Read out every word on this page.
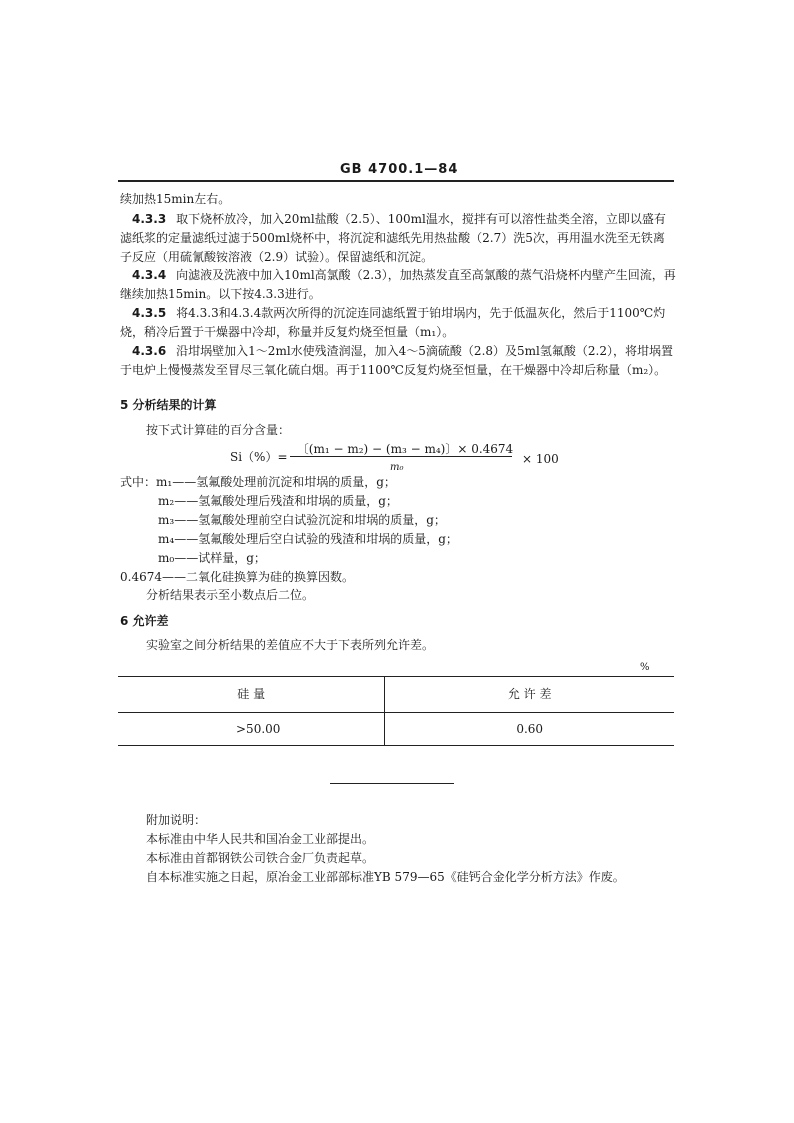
GB 4700.1—84
续加热15min左右。
4.3.3 取下烧杯放冷，加入20ml盐酸（2.5）、100ml温水，搅拌有可以溶性盐类全溶，立即以盛有滤纸浆的定量滤纸过滤于500ml烧杯中，将沉淀和滤纸先用热盐酸（2.7）洗5次，再用温水洗至无铁离子反应（用硫氰酸铵溶液（2.9）试验）。保留滤纸和沉淀。
4.3.4 向滤液及洗液中加入10ml高氯酸（2.3），加热蒸发直至高氯酸的蒸气沿烧杯内壁产生回流，再继续加热15min。以下按4.3.3进行。
4.3.5 将4.3.3和4.3.4款两次所得的沉淀连同滤纸置于铂坩埚内，先于低温灰化，然后于1100℃灼烧，稍冷后置于干燥器中冷却，称量并反复灼烧至恒量（m₁）。
4.3.6 沿坩埚壁加入1～2ml水使残渣润湿，加入4～5滴硫酸（2.8）及5ml氢氟酸（2.2），将坩埚置于电炉上慢慢蒸发至冒尽三氧化硫白烟。再于1100℃反复灼烧至恒量，在干燥器中冷却后称量（m₂）。
5 分析结果的计算
按下式计算硅的百分含量：
Si（%）=
〔(m₁ − m₂) − (m₃ − m₄)〕× 0.4674
m₀
× 100
式中：m₁——氢氟酸处理前沉淀和坩埚的质量，g；
m₂——氢氟酸处理后残渣和坩埚的质量，g；
m₃——氢氟酸处理前空白试验沉淀和坩埚的质量，g；
m₄——氢氟酸处理后空白试验的残渣和坩埚的质量，g；
m₀——试样量，g；
0.4674——二氧化硅换算为硅的换算因数。
分析结果表示至小数点后二位。
6 允许差
实验室之间分析结果的差值应不大于下表所列允许差。
%
硅 量	允 许 差
>50.00	0.60
附加说明：
本标准由中华人民共和国冶金工业部提出。
本标准由首都钢铁公司铁合金厂负责起草。
自本标准实施之日起，原冶金工业部部标准YB 579—65《硅钙合金化学分析方法》作废。
